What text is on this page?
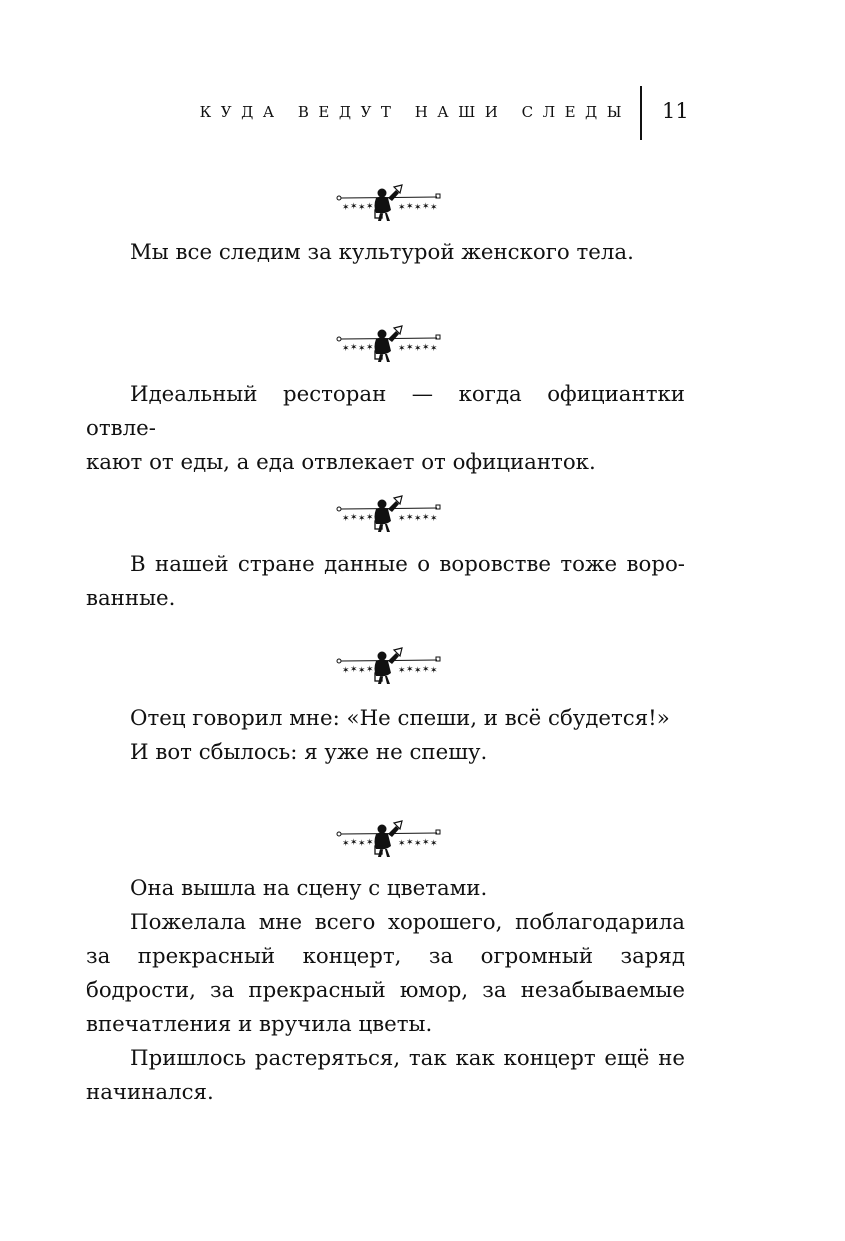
КУДА ВЕДУТ НАШИ СЛЕДЫ 11
✶ ✶ ✶ ✶	✶ ✶ ✶ ✶ ✶

Мы все следим за культурой женского тела.

✶ ✶ ✶ ✶	✶ ✶ ✶ ✶ ✶

Идеальный ресторан — когда официантки отвле-

кают от еды, а еда отвлекает от официанток.

✶ ✶ ✶ ✶	✶ ✶ ✶ ✶ ✶

В нашей стране данные о воровстве тоже воро-

ванные.

✶ ✶ ✶ ✶	✶ ✶ ✶ ✶ ✶

Отец говорил мне: «Не спеши, и всё сбудется!»

И вот сбылось: я уже не спешу.

✶ ✶ ✶ ✶	✶ ✶ ✶ ✶ ✶

Она вышла на сцену с цветами.

Пожелала мне всего хорошего, поблагодарила за прекрасный концерт, за огромный заряд бодрости, за прекрасный юмор, за незабываемые впечатления и вручила цветы.

Пришлось растеряться, так как концерт ещё не начинался.
